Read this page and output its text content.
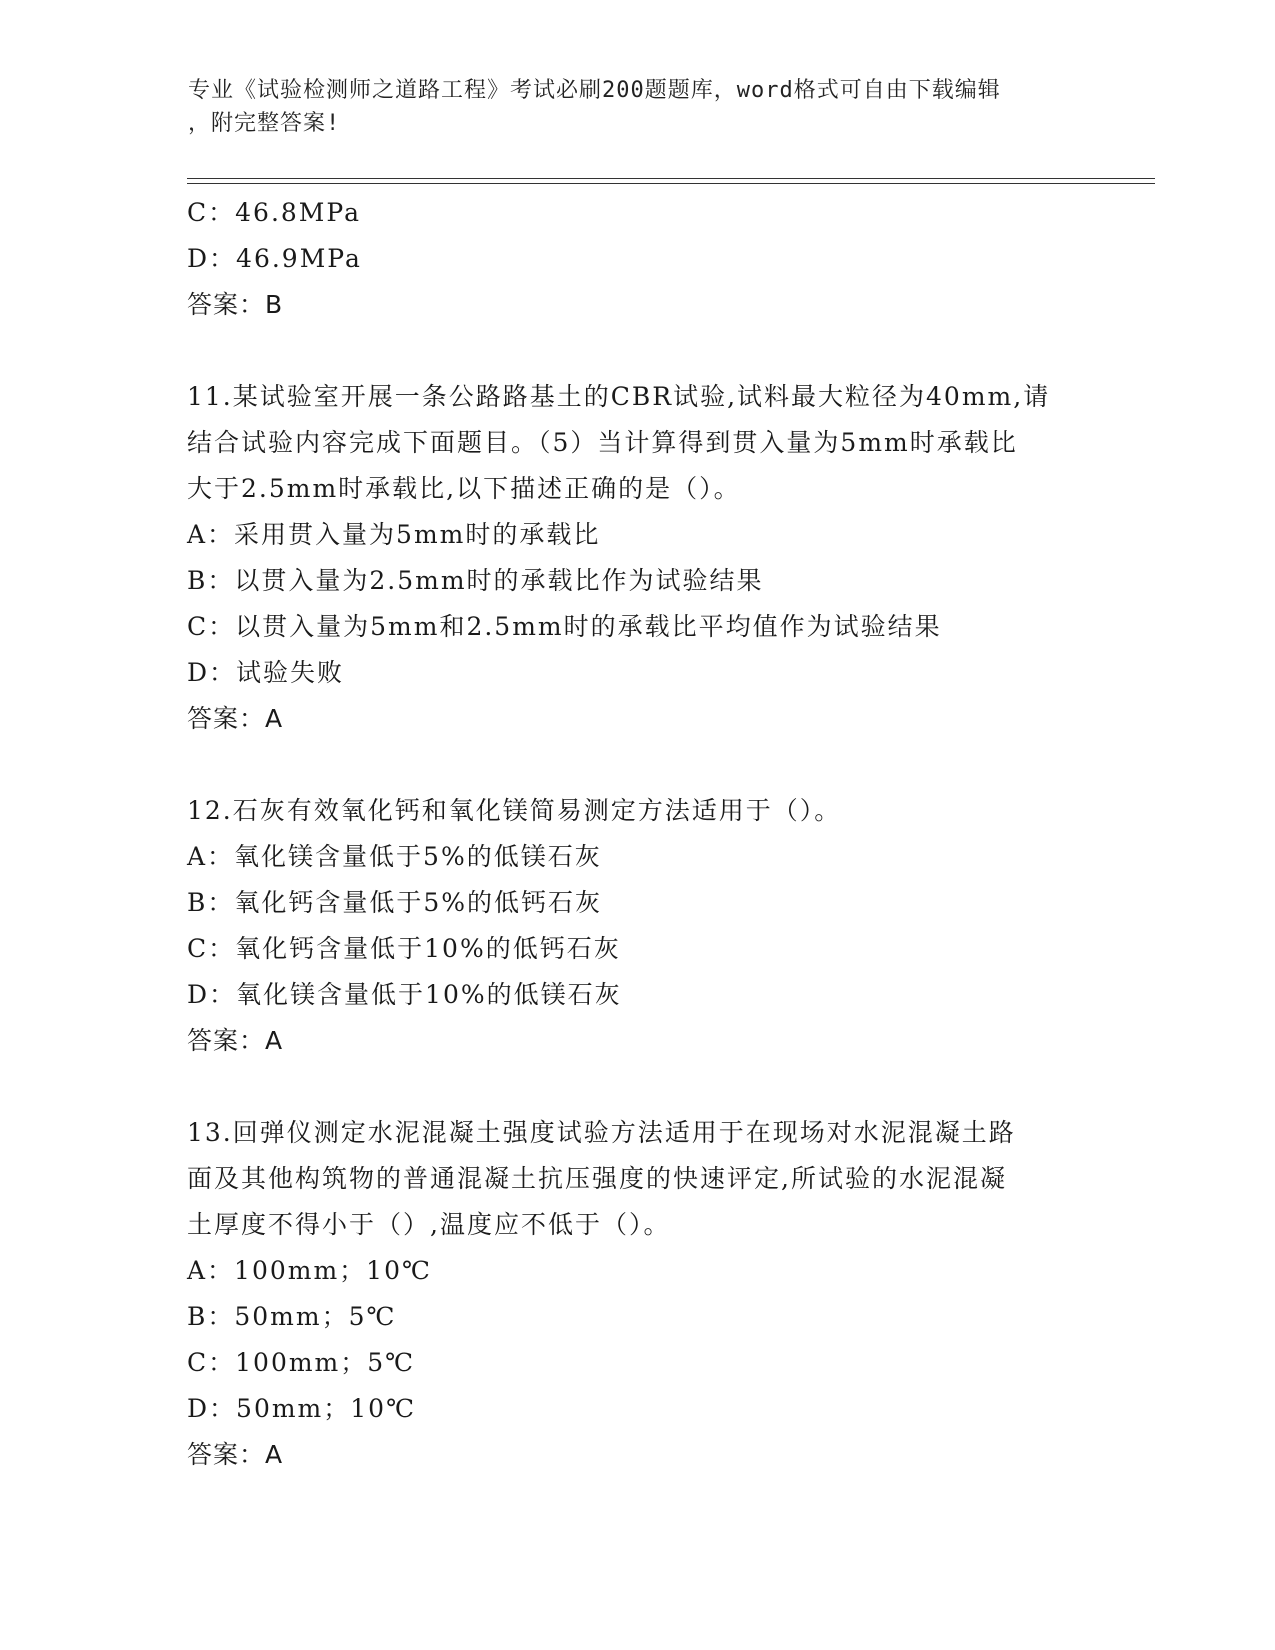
专业《试验检测师之道路工程》考试必刷200题题库，word格式可自由下载编辑
，附完整答案!
C：46.8MPa
D：46.9MPa
答案：B
11.某试验室开展一条公路路基土的CBR试验,试料最大粒径为40mm,请
结合试验内容完成下面题目。（5）当计算得到贯入量为5mm时承载比
大于2.5mm时承载比,以下描述正确的是（）。
A：采用贯入量为5mm时的承载比
B：以贯入量为2.5mm时的承载比作为试验结果
C：以贯入量为5mm和2.5mm时的承载比平均值作为试验结果
D：试验失败
答案：A
12.石灰有效氧化钙和氧化镁简易测定方法适用于（）。
A：氧化镁含量低于5%的低镁石灰
B：氧化钙含量低于5%的低钙石灰
C：氧化钙含量低于10%的低钙石灰
D：氧化镁含量低于10%的低镁石灰
答案：A
13.回弹仪测定水泥混凝土强度试验方法适用于在现场对水泥混凝土路
面及其他构筑物的普通混凝土抗压强度的快速评定,所试验的水泥混凝
土厚度不得小于（）,温度应不低于（）。
A：100mm；10℃
B：50mm；5℃
C：100mm；5℃
D：50mm；10℃
答案：A
